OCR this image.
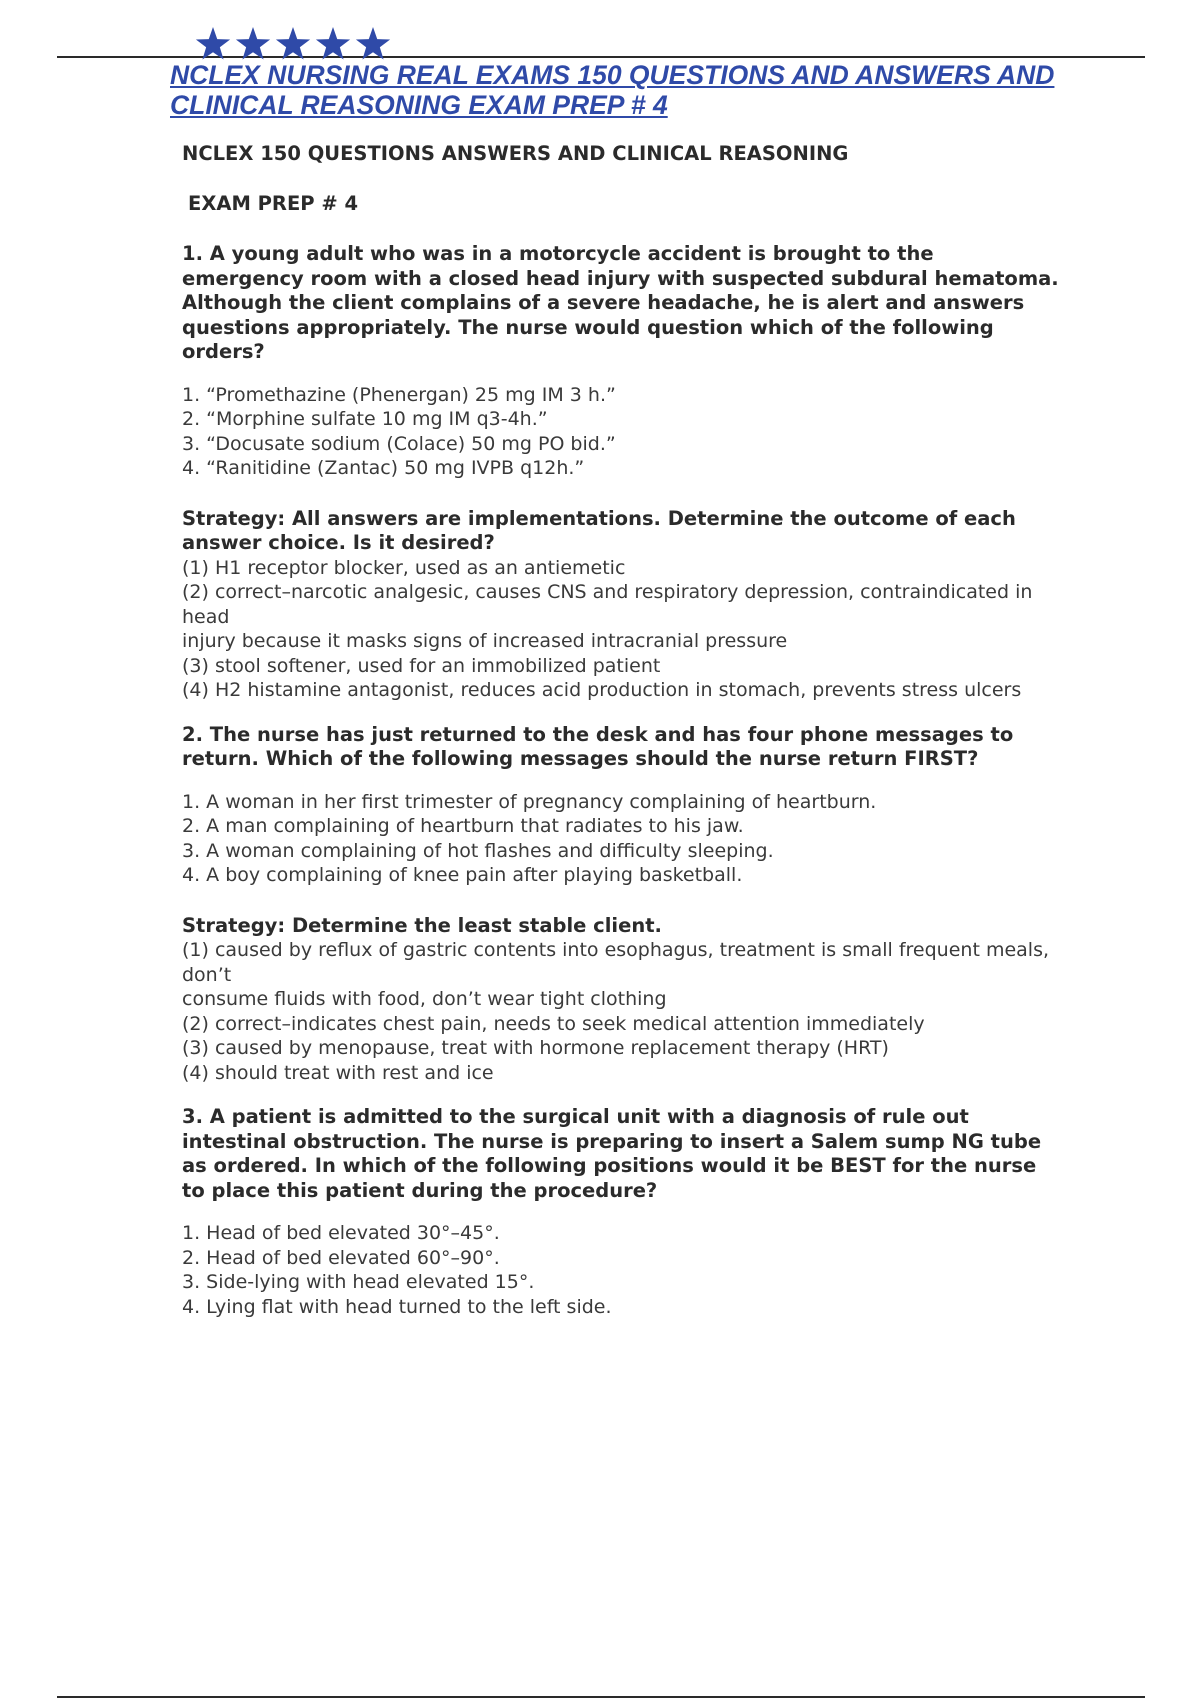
NCLEX NURSING REAL EXAMS 150 QUESTIONS AND ANSWERS AND
CLINICAL REASONING EXAM PREP # 4

NCLEX 150 QUESTIONS ANSWERS AND CLINICAL REASONING

EXAM PREP # 4

1. A young adult who was in a motorcycle accident is brought to the emergency room with a closed head injury with suspected subdural hematoma. Although the client complains of a severe headache, he is alert and answers questions appropriately. The nurse would question which of the following orders?

1. “Promethazine (Phenergan) 25 mg IM 3 h.”
2. “Morphine sulfate 10 mg IM q3-4h.”
3. “Docusate sodium (Colace) 50 mg PO bid.”
4. “Ranitidine (Zantac) 50 mg IVPB q12h.”

Strategy: All answers are implementations. Determine the outcome of each answer choice. Is it desired?

(1) H1 receptor blocker, used as an antiemetic

(2) correct–narcotic analgesic, causes CNS and respiratory depression, contraindicated in head

injury because it masks signs of increased intracranial pressure

(3) stool softener, used for an immobilized patient

(4) H2 histamine antagonist, reduces acid production in stomach, prevents stress ulcers

2. The nurse has just returned to the desk and has four phone messages to return. Which of the following messages should the nurse return FIRST?

1. A woman in her first trimester of pregnancy complaining of heartburn.
2. A man complaining of heartburn that radiates to his jaw.
3. A woman complaining of hot flashes and difficulty sleeping.
4. A boy complaining of knee pain after playing basketball.

Strategy: Determine the least stable client.

(1) caused by reflux of gastric contents into esophagus, treatment is small frequent meals, don’t

consume fluids with food, don’t wear tight clothing

(2) correct–indicates chest pain, needs to seek medical attention immediately

(3) caused by menopause, treat with hormone replacement therapy (HRT)

(4) should treat with rest and ice

3. A patient is admitted to the surgical unit with a diagnosis of rule out intestinal obstruction. The nurse is preparing to insert a Salem sump NG tube as ordered. In which of the following positions would it be BEST for the nurse to place this patient during the procedure?

1. Head of bed elevated 30°–45°.
2. Head of bed elevated 60°–90°.
3. Side-lying with head elevated 15°.
4. Lying flat with head turned to the left side.
